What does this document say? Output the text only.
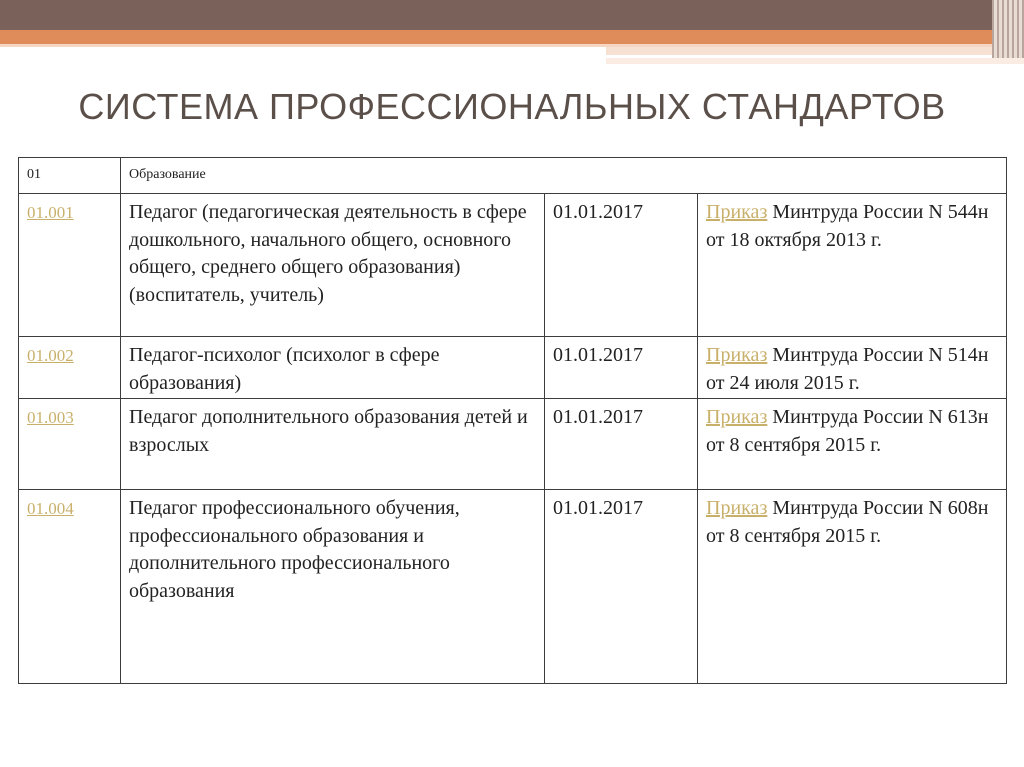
СИСТЕМА ПРОФЕССИОНАЛЬНЫХ СТАНДАРТОВ
01	Образование		
01.001	Педагог (педагогическая деятельность в сфере дошкольного, начального общего, основного общего, среднего общего образования) (воспитатель, учитель)	01.01.2017	Приказ Минтруда России N 544н от 18 октября 2013 г.
01.002	Педагог-психолог (психолог в сфере образования)	01.01.2017	Приказ Минтруда России N 514н от 24 июля 2015 г.
01.003	Педагог дополнительного образования детей и взрослых	01.01.2017	Приказ Минтруда России N 613н от 8 сентября 2015 г.
01.004	Педагог профессионального обучения, профессионального образования и дополнительного профессионального образования	01.01.2017	Приказ Минтруда России N 608н от 8 сентября 2015 г.
